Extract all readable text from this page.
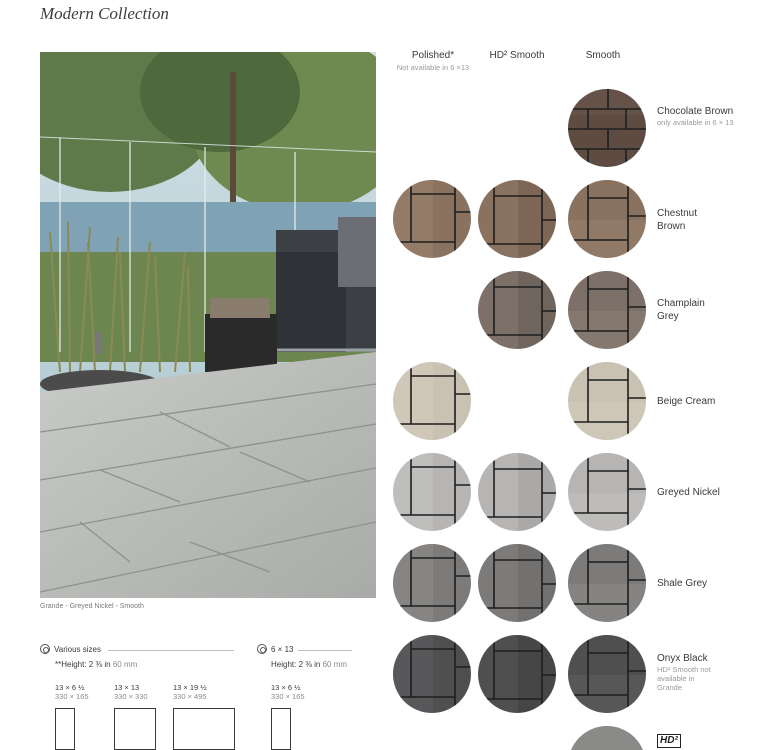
Modern Collection
Grande - Greyed Nickel - Smooth
Polished*
Not available in 6 ×13
HD² Smooth	Smooth
Chocolate Brown
only available in 6 × 13
Chestnut Brown
Champlain Grey
Beige Cream
Greyed Nickel
Shale Grey
Onyx Black
HD² Smooth not available in Grande
HD²
Various sizes
**Height: 2 ⅜ in 60 mm
13 × 6 ½
330 × 165
13 × 13
330 × 330
13 × 19 ½
330 × 495
6 × 13
Height: 2 ⅜ in 60 mm
13 × 6 ½
330 × 165
